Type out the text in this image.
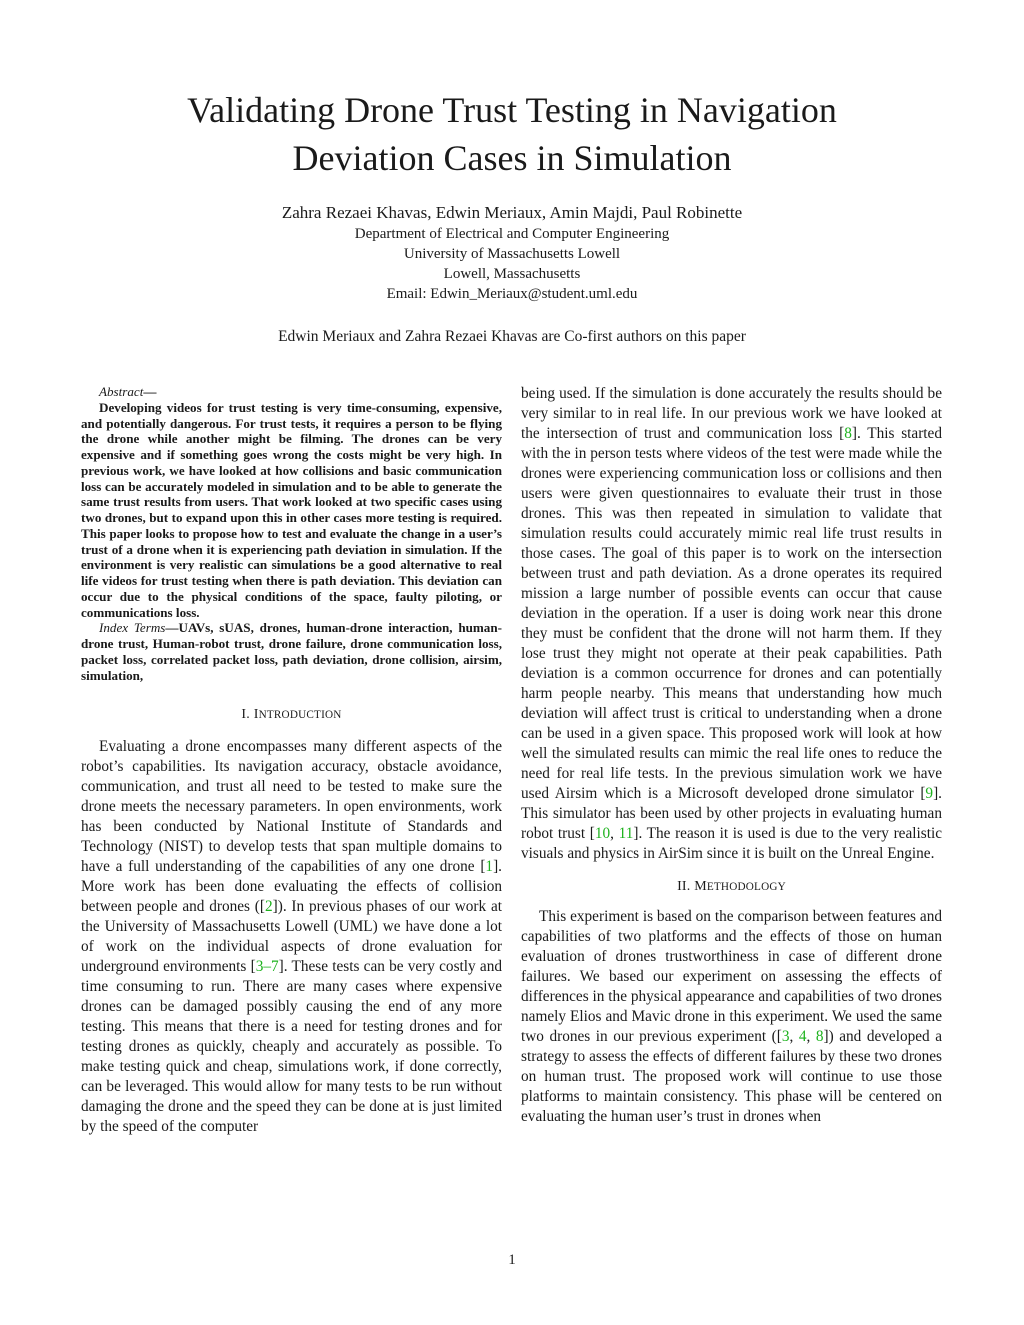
Validating Drone Trust Testing in Navigation
Deviation Cases in Simulation
Zahra Rezaei Khavas, Edwin Meriaux, Amin Majdi, Paul Robinette
Department of Electrical and Computer Engineering
University of Massachusetts Lowell
Lowell, Massachusetts
Email: Edwin_Meriaux@student.uml.edu
Edwin Meriaux and Zahra Rezaei Khavas are Co-first authors on this paper
Abstract—
Developing videos for trust testing is very time-consuming, expensive, and potentially dangerous. For trust tests, it requires a person to be flying the drone while another might be filming. The drones can be very expensive and if something goes wrong the costs might be very high. In previous work, we have looked at how collisions and basic communication loss can be accurately modeled in simulation and to be able to generate the same trust results from users. That work looked at two specific cases using two drones, but to expand upon this in other cases more testing is required. This paper looks to propose how to test and evaluate the change in a user’s trust of a drone when it is experiencing path deviation in simulation. If the environment is very realistic can simulations be a good alternative to real life videos for trust testing when there is path deviation. This deviation can occur due to the physical conditions of the space, faulty piloting, or communications loss.
Index Terms—UAVs, sUAS, drones, human-drone interaction, human-drone trust, Human-robot trust, drone failure, drone communication loss, packet loss, correlated packet loss, path deviation, drone collision, airsim, simulation,
I. INTRODUCTION

Evaluating a drone encompasses many different aspects of the robot’s capabilities. Its navigation accuracy, obstacle avoidance, communication, and trust all need to be tested to make sure the drone meets the necessary parameters. In open environments, work has been conducted by National Institute of Standards and Technology (NIST) to develop tests that span multiple domains to have a full understanding of the capabilities of any one drone [1]. More work has been done evaluating the effects of collision between people and drones ([2]). In previous phases of our work at the University of Massachusetts Lowell (UML) we have done a lot of work on the individual aspects of drone evaluation for underground environments [3–7]. These tests can be very costly and time consuming to run. There are many cases where expensive drones can be damaged possibly causing the end of any more testing. This means that there is a need for testing drones and for testing drones as quickly, cheaply and accurately as possible. To make testing quick and cheap, simulations work, if done correctly, can be leveraged. This would allow for many tests to be run without damaging the drone and the speed they can be done at is just limited by the speed of the computer

being used. If the simulation is done accurately the results should be very similar to in real life. In our previous work we have looked at the intersection of trust and communication loss [8]. This started with the in person tests where videos of the test were made while the drones were experiencing communication loss or collisions and then users were given questionnaires to evaluate their trust in those drones. This was then repeated in simulation to validate that simulation results could accurately mimic real life trust results in those cases. The goal of this paper is to work on the intersection between trust and path deviation. As a drone operates its required mission a large number of possible events can occur that cause deviation in the operation. If a user is doing work near this drone they must be confident that the drone will not harm them. If they lose trust they might not operate at their peak capabilities. Path deviation is a common occurrence for drones and can potentially harm people nearby. This means that understanding how much deviation will affect trust is critical to understanding when a drone can be used in a given space. This proposed work will look at how well the simulated results can mimic the real life ones to reduce the need for real life tests. In the previous simulation work we have used Airsim which is a Microsoft developed drone simulator [9]. This simulator has been used by other projects in evaluating human robot trust [10, 11]. The reason it is used is due to the very realistic visuals and physics in AirSim since it is built on the Unreal Engine.

II. METHODOLOGY

This experiment is based on the comparison between features and capabilities of two platforms and the effects of those on human evaluation of drones trustworthiness in case of different drone failures. We based our experiment on assessing the effects of differences in the physical appearance and capabilities of two drones namely Elios and Mavic drone in this experiment. We used the same two drones in our previous experiment ([3, 4, 8]) and developed a strategy to assess the effects of different failures by these two drones on human trust. The proposed work will continue to use those platforms to maintain consistency. This phase will be centered on evaluating the human user’s trust in drones when

1
